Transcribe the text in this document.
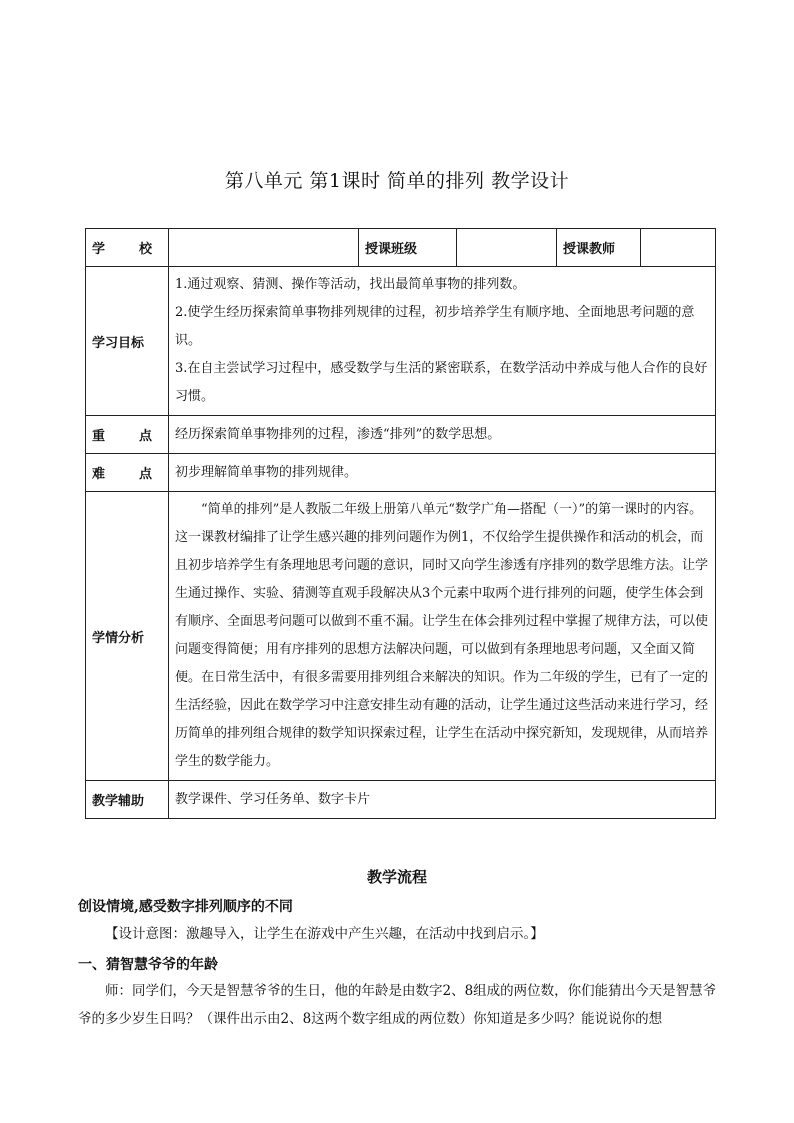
第八单元 第1课时 简单的排列 教学设计
学 校		授课班级		授课教师	
学习目标	1.通过观察、猜测、操作等活动，找出最简单事物的排列数。

2.使学生经历探索简单事物排列规律的过程，初步培养学生有顺序地、全面地思考问题的意识。

3.在自主尝试学习过程中，感受数学与生活的紧密联系，在数学活动中养成与他人合作的良好习惯。				

重 点	经历探索简单事物排列的过程，渗透“排列”的数学思想。				

难 点	初步理解简单事物的排列规律。				
学情分析	“简单的排列”是人教版二年级上册第八单元“数学广角—搭配（一）”的第一课时的内容。这一课教材编排了让学生感兴趣的排列问题作为例1，不仅给学生提供操作和活动的机会，而且初步培养学生有条理地思考问题的意识，同时又向学生渗透有序排列的数学思维方法。让学生通过操作、实验、猜测等直观手段解决从3个元素中取两个进行排列的问题，使学生体会到有顺序、全面思考问题可以做到不重不漏。让学生在体会排列过程中掌握了规律方法，可以使问题变得简便；用有序排列的思想方法解决问题，可以做到有条理地思考问题，又全面又简便。在日常生活中，有很多需要用排列组合来解决的知识。作为二年级的学生，已有了一定的生活经验，因此在数学学习中注意安排生动有趣的活动，让学生通过这些活动来进行学习，经历简单的排列组合规律的数学知识探索过程，让学生在活动中探究新知，发现规律，从而培养学生的数学能力。				

教学辅助	教学课件、学习任务单、数字卡片				
教学流程
创设情境,感受数字排列顺序的不同

【设计意图：激趣导入，让学生在游戏中产生兴趣，在活动中找到启示。】

一、猜智慧爷爷的年龄

师：同学们，今天是智慧爷爷的生日，他的年龄是由数字2、8组成的两位数，你们能猜出今天是智慧爷爷的多少岁生日吗？（课件出示由2、8这两个数字组成的两位数）你知道是多少吗？能说说你的想
